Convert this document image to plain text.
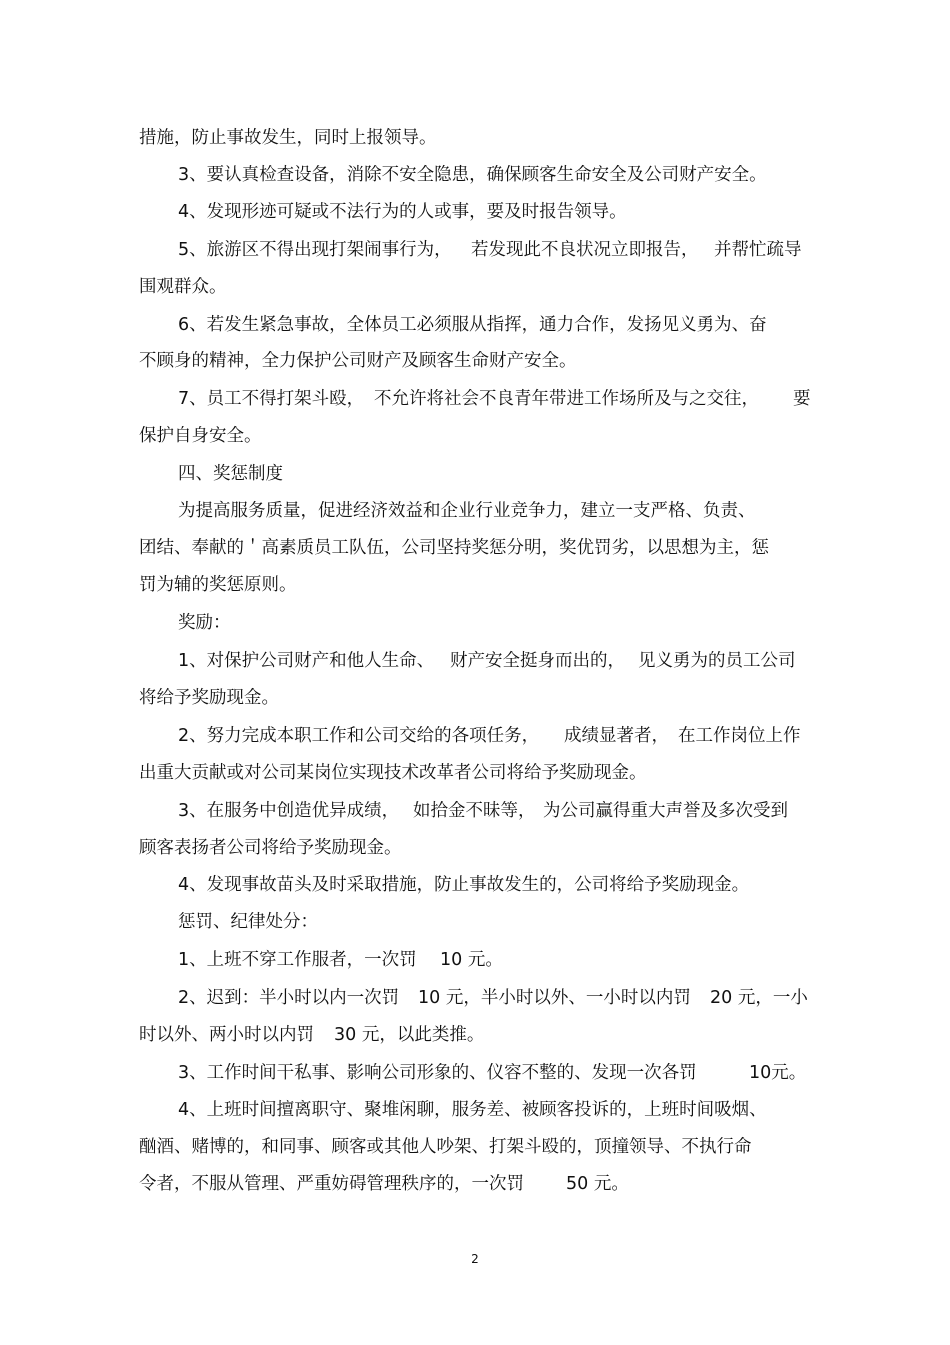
措施，防止事故发生，同时上报领导。
3、要认真检查设备，消除不安全隐患，确保顾客生命安全及公司财产安全。
4、发现形迹可疑或不法行为的人或事，要及时报告领导。
5、旅游区不得出现打架闹事行为， 若发现此不良状况立即报告， 并帮忙疏导
围观群众。
6、若发生紧急事故，全体员工必须服从指挥，通力合作，发扬见义勇为、奋
不顾身的精神，全力保护公司财产及顾客生命财产安全。
7、员工不得打架斗殴， 不允许将社会不良青年带进工作场所及与之交往， 要
保护自身安全。
四、奖惩制度
为提高服务质量，促进经济效益和企业行业竞争力，建立一支严格、负责、
团结、奉献的＇高素质员工队伍，公司坚持奖惩分明，奖优罚劣，以思想为主，惩
罚为辅的奖惩原则。
奖励：
1、对保护公司财产和他人生命、 财产安全挺身而出的， 见义勇为的员工公司
将给予奖励现金。
2、努力完成本职工作和公司交给的各项任务， 成绩显著者， 在工作岗位上作
出重大贡献或对公司某岗位实现技术改革者公司将给予奖励现金。
3、在服务中创造优异成绩， 如拾金不昧等， 为公司赢得重大声誉及多次受到
顾客表扬者公司将给予奖励现金。
4、发现事故苗头及时采取措施，防止事故发生的，公司将给予奖励现金。
惩罚、纪律处分：
1、上班不穿工作服者，一次罚 10 元。
2、迟到：半小时以内一次罚 10 元，半小时以外、一小时以内罚 20 元，一小
时以外、两小时以内罚 30 元，以此类推。
3、工作时间干私事、影响公司形象的、仪容不整的、发现一次各罚	10元。
4、上班时间擅离职守、聚堆闲聊，服务差、被顾客投诉的，上班时间吸烟、
酗酒、赌博的，和同事、顾客或其他人吵架、打架斗殴的，顶撞领导、不执行命
令者，不服从管理、严重妨碍管理秩序的，一次罚 50 元。
2
